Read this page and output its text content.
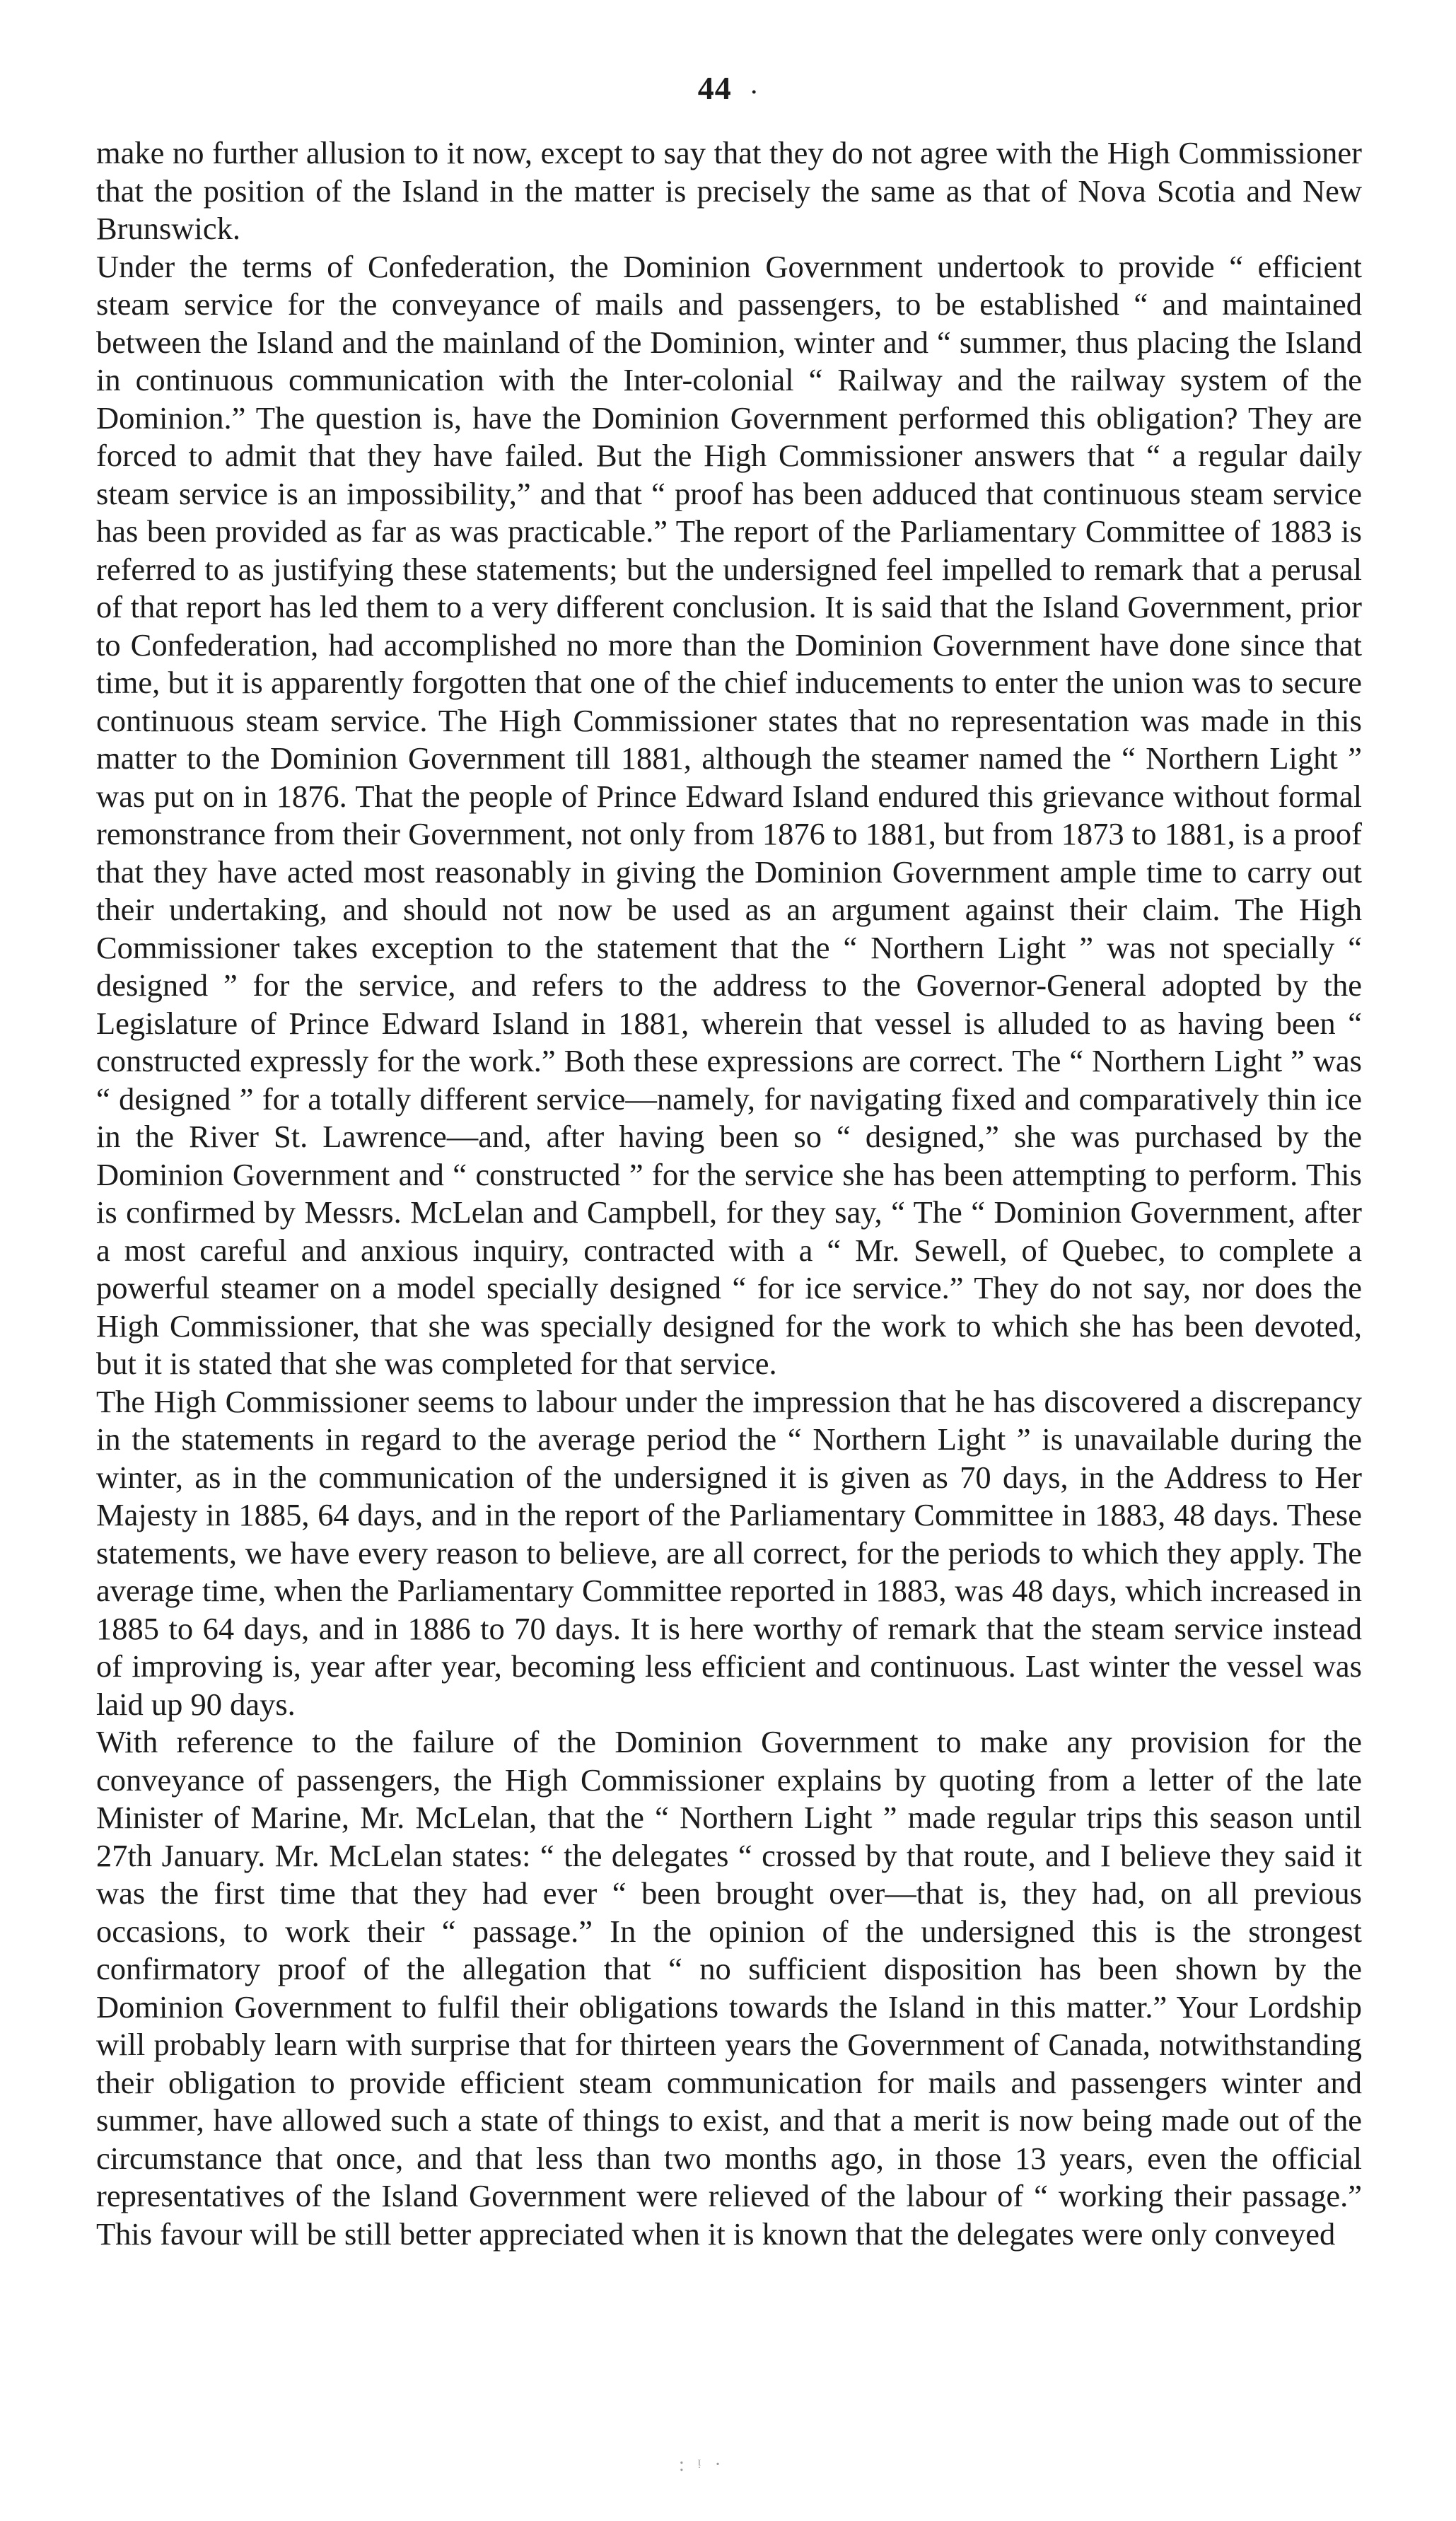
44 ·

make no further allusion to it now, except to say that they do not agree with the High Commissioner that the position of the Island in the matter is precisely the same as that of Nova Scotia and New Brunswick.

Under the terms of Confederation, the Dominion Government undertook to provide “ efficient steam service for the conveyance of mails and passengers, to be established “ and maintained between the Island and the mainland of the Dominion, winter and “ summer, thus placing the Island in continuous communication with the Inter-colonial “ Railway and the railway system of the Dominion.” The question is, have the Dominion Government performed this obligation? They are forced to admit that they have failed. But the High Commissioner answers that “ a regular daily steam service is an impossibility,” and that “ proof has been adduced that continuous steam service has been provided as far as was practicable.” The report of the Parliamentary Committee of 1883 is referred to as justifying these statements; but the undersigned feel impelled to remark that a perusal of that report has led them to a very different conclusion. It is said that the Island Government, prior to Confederation, had accomplished no more than the Dominion Government have done since that time, but it is apparently forgotten that one of the chief inducements to enter the union was to secure continuous steam service. The High Commissioner states that no representation was made in this matter to the Dominion Government till 1881, although the steamer named the “ Northern Light ” was put on in 1876. That the people of Prince Edward Island endured this grievance without formal remonstrance from their Government, not only from 1876 to 1881, but from 1873 to 1881, is a proof that they have acted most reasonably in giving the Dominion Government ample time to carry out their undertaking, and should not now be used as an argument against their claim. The High Commissioner takes exception to the statement that the “ Northern Light ” was not specially “ designed ” for the service, and refers to the address to the Governor-General adopted by the Legislature of Prince Edward Island in 1881, wherein that vessel is alluded to as having been “ constructed expressly for the work.” Both these expressions are correct. The “ Northern Light ” was “ designed ” for a totally different service—namely, for navigating fixed and comparatively thin ice in the River St. Lawrence—and, after having been so “ designed,” she was purchased by the Dominion Government and “ constructed ” for the service she has been attempting to perform. This is confirmed by Messrs. McLelan and Campbell, for they say, “ The “ Dominion Government, after a most careful and anxious inquiry, contracted with a “ Mr. Sewell, of Quebec, to complete a powerful steamer on a model specially designed “ for ice service.” They do not say, nor does the High Commissioner, that she was specially designed for the work to which she has been devoted, but it is stated that she was completed for that service.

The High Commissioner seems to labour under the impression that he has discovered a discrepancy in the statements in regard to the average period the “ Northern Light ” is unavailable during the winter, as in the communication of the undersigned it is given as 70 days, in the Address to Her Majesty in 1885, 64 days, and in the report of the Parliamentary Committee in 1883, 48 days. These statements, we have every reason to believe, are all correct, for the periods to which they apply. The average time, when the Parliamentary Committee reported in 1883, was 48 days, which increased in 1885 to 64 days, and in 1886 to 70 days. It is here worthy of remark that the steam service instead of improving is, year after year, becoming less efficient and continuous. Last winter the vessel was laid up 90 days.

With reference to the failure of the Dominion Government to make any provision for the conveyance of passengers, the High Commissioner explains by quoting from a letter of the late Minister of Marine, Mr. McLelan, that the “ Northern Light ” made regular trips this season until 27th January. Mr. McLelan states: “ the delegates “ crossed by that route, and I believe they said it was the first time that they had ever “ been brought over—that is, they had, on all previous occasions, to work their “ passage.” In the opinion of the undersigned this is the strongest confirmatory proof of the allegation that “ no sufficient disposition has been shown by the Dominion Government to fulfil their obligations towards the Island in this matter.” Your Lordship will probably learn with surprise that for thirteen years the Government of Canada, notwithstanding their obligation to provide efficient steam communication for mails and passengers winter and summer, have allowed such a state of things to exist, and that a merit is now being made out of the circumstance that once, and that less than two months ago, in those 13 years, even the official representatives of the Island Government were relieved of the labour of “ working their passage.” This favour will be still better appreciated when it is known that the delegates were only conveyed

: ᵎ ·
